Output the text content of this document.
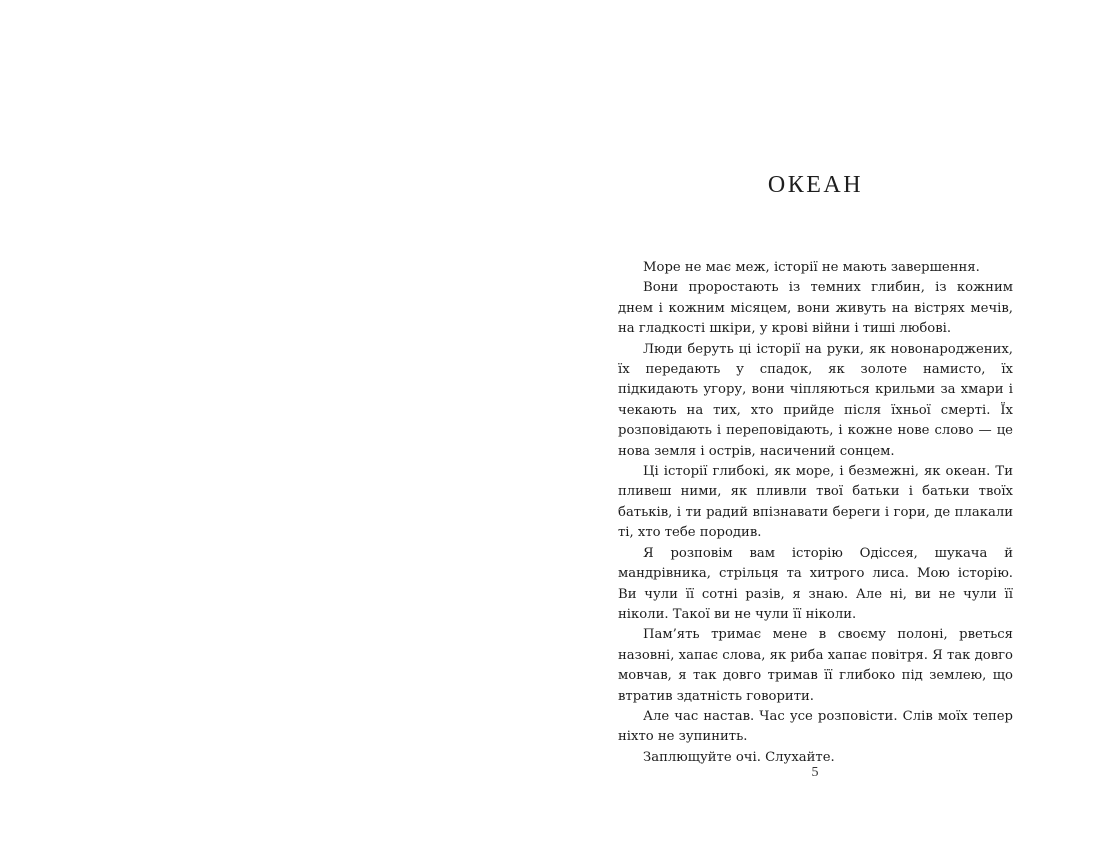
ОКЕАН

Море не має меж, історії не мають завершення.

Вони проростають із темних глибин, із кожним днем і кожним місяцем, вони живуть на вістрях мечів, на гладкості шкіри, у крові війни і тиші любові.

Люди беруть ці історії на руки, як новонароджених, їх передають у спадок, як золоте намисто, їх підкидають угору, вони чіпляються крильми за хмари і чекають на тих, хто прийде після їхньої смерті. Їх розповідають і переповідають, і кожне нове слово — це нова земля і острів, насичений сонцем.

Ці історії глибокі, як море, і безмежні, як океан. Ти пливеш ними, як пливли твої батьки і батьки твоїх батьків, і ти радий впізнавати береги і гори, де плакали ті, хто тебе породив.

Я розповім вам історію Одіссея, шукача й мандрівника, стрільця та хитрого лиса. Мою історію. Ви чули її сотні разів, я знаю. Але ні, ви не чули її ніколи. Такої ви не чули її ніколи.

Пам’ять тримає мене в своєму полоні, рветься назовні, хапає слова, як риба хапає повітря. Я так довго мовчав, я так довго тримав її глибоко під землею, що втратив здатність говорити.

Але час настав. Час усе розповісти. Слів моїх тепер ніхто не зупинить.

Заплющуйте очі. Слухайте.

5
